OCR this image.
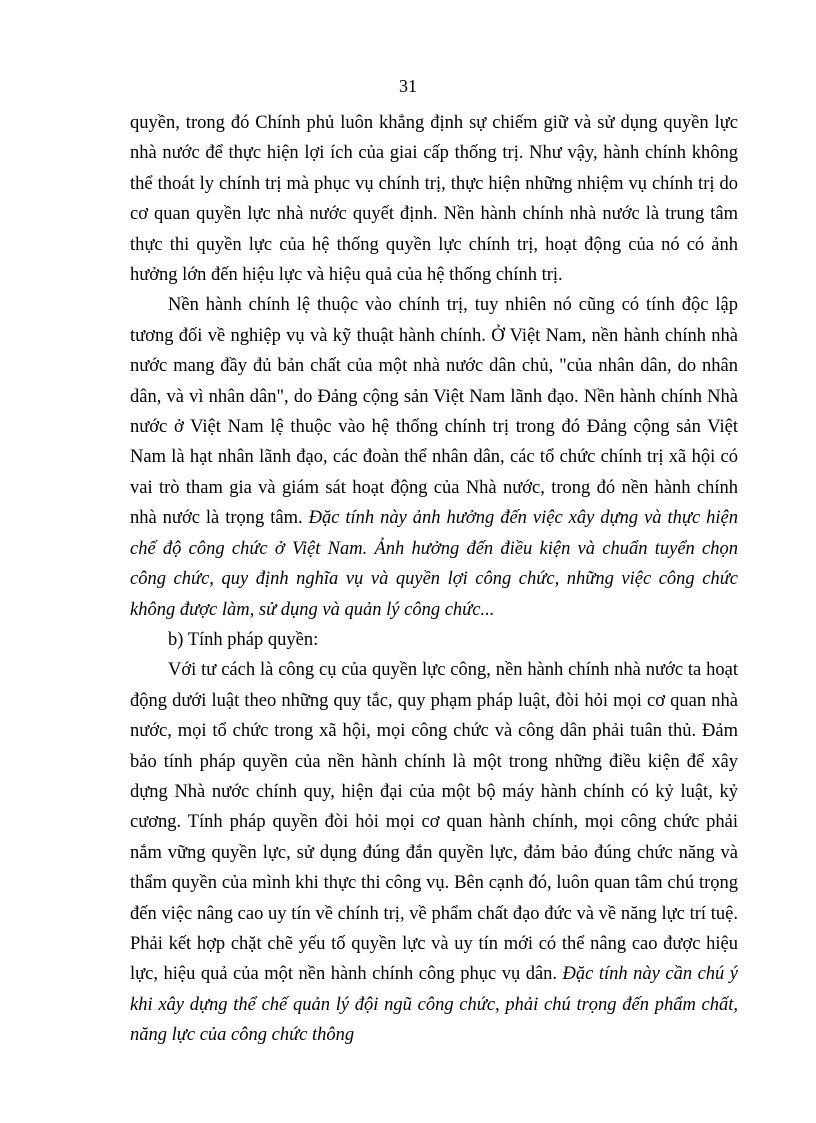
31

quyền, trong đó Chính phủ luôn khẳng định sự chiếm giữ và sử dụng quyền lực nhà nước để thực hiện lợi ích của giai cấp thống trị. Như vậy, hành chính không thể thoát ly chính trị mà phục vụ chính trị, thực hiện những nhiệm vụ chính trị do cơ quan quyền lực nhà nước quyết định. Nền hành chính nhà nước là trung tâm thực thi quyền lực của hệ thống quyền lực chính trị, hoạt động của nó có ảnh hưởng lớn đến hiệu lực và hiệu quả của hệ thống chính trị.

Nền hành chính lệ thuộc vào chính trị, tuy nhiên nó cũng có tính độc lập tương đối về nghiệp vụ và kỹ thuật hành chính. Ở Việt Nam, nền hành chính nhà nước mang đầy đủ bản chất của một nhà nước dân chủ, "của nhân dân, do nhân dân, và vì nhân dân", do Đảng cộng sản Việt Nam lãnh đạo. Nền hành chính Nhà nước ở Việt Nam lệ thuộc vào hệ thống chính trị trong đó Đảng cộng sản Việt Nam là hạt nhân lãnh đạo, các đoàn thể nhân dân, các tổ chức chính trị xã hội có vai trò tham gia và giám sát hoạt động của Nhà nước, trong đó nền hành chính nhà nước là trọng tâm. Đặc tính này ảnh hưởng đến việc xây dựng và thực hiện chế độ công chức ở Việt Nam. Ảnh hưởng đến điều kiện và chuẩn tuyển chọn công chức, quy định nghĩa vụ và quyền lợi công chức, những việc công chức không được làm, sử dụng và quản lý công chức...

b) Tính pháp quyền:

Với tư cách là công cụ của quyền lực công, nền hành chính nhà nước ta hoạt động dưới luật theo những quy tắc, quy phạm pháp luật, đòi hỏi mọi cơ quan nhà nước, mọi tổ chức trong xã hội, mọi công chức và công dân phải tuân thủ. Đảm bảo tính pháp quyền của nền hành chính là một trong những điều kiện để xây dựng Nhà nước chính quy, hiện đại của một bộ máy hành chính có kỷ luật, kỷ cương. Tính pháp quyền đòi hỏi mọi cơ quan hành chính, mọi công chức phải nắm vững quyền lực, sử dụng đúng đắn quyền lực, đảm bảo đúng chức năng và thẩm quyền của mình khi thực thi công vụ. Bên cạnh đó, luôn quan tâm chú trọng đến việc nâng cao uy tín về chính trị, về phẩm chất đạo đức và về năng lực trí tuệ. Phải kết hợp chặt chẽ yếu tố quyền lực và uy tín mới có thể nâng cao được hiệu lực, hiệu quả của một nền hành chính công phục vụ dân. Đặc tính này cần chú ý khi xây dựng thể chế quản lý đội ngũ công chức, phải chú trọng đến phẩm chất, năng lực của công chức thông
